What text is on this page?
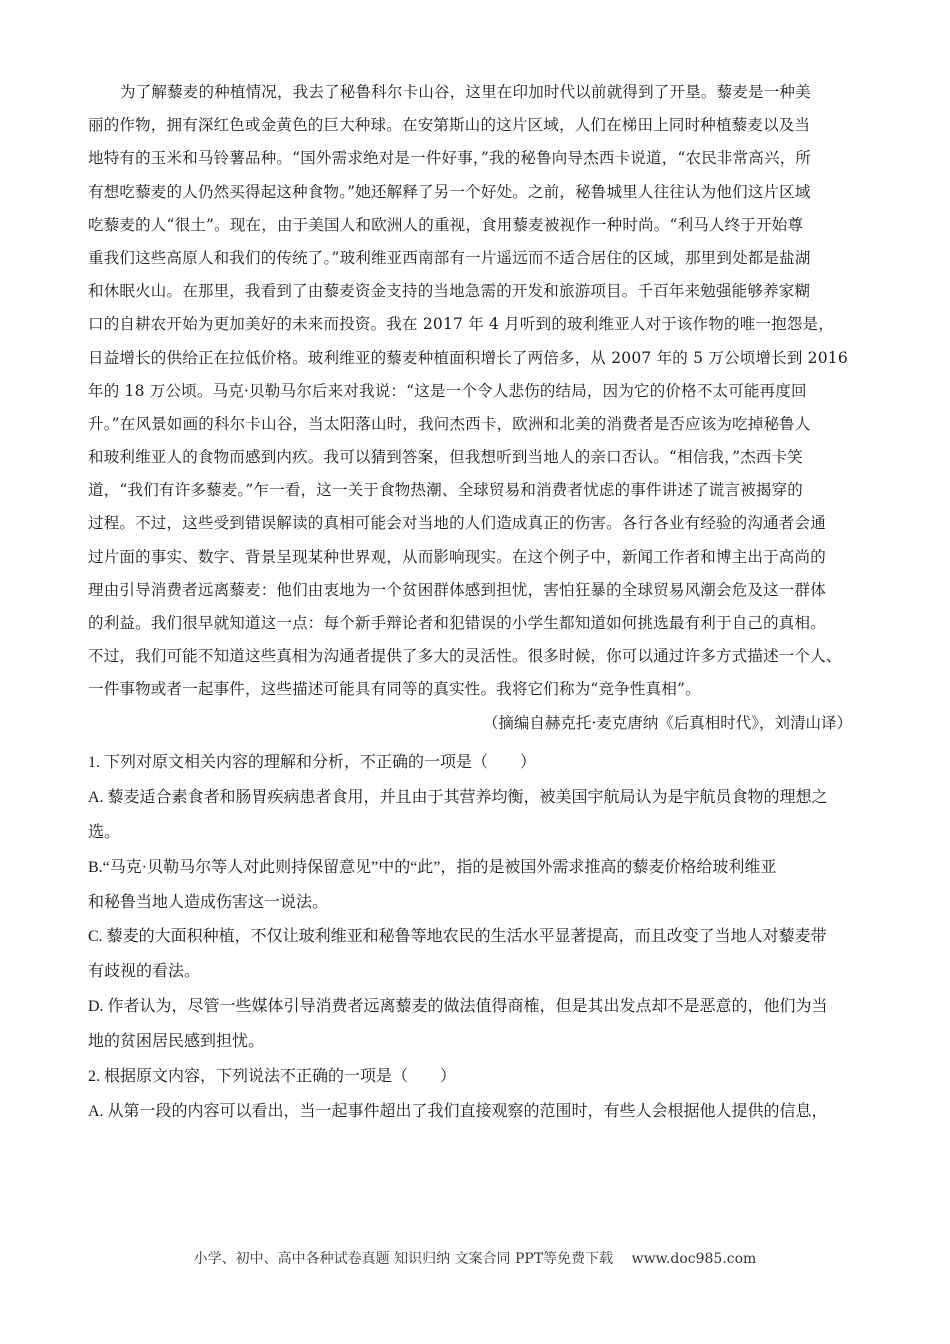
为了解藜麦的种植情况，我去了秘鲁科尔卡山谷，这里在印加时代以前就得到了开垦。藜麦是一种美
丽的作物，拥有深红色或金黄色的巨大种球。在安第斯山的这片区域，人们在梯田上同时种植藜麦以及当
地特有的玉米和马铃薯品种。“国外需求绝对是一件好事，”我的秘鲁向导杰西卡说道，“农民非常高兴，所
有想吃藜麦的人仍然买得起这种食物。”她还解释了另一个好处。之前，秘鲁城里人往往认为他们这片区域
吃藜麦的人“很土”。现在，由于美国人和欧洲人的重视，食用藜麦被视作一种时尚。“利马人终于开始尊
重我们这些高原人和我们的传统了。”玻利维亚西南部有一片遥远而不适合居住的区域，那里到处都是盐湖
和休眠火山。在那里，我看到了由藜麦资金支持的当地急需的开发和旅游项目。千百年来勉强能够养家糊
口的自耕农开始为更加美好的未来而投资。我在 2017 年 4 月听到的玻利维亚人对于该作物的唯一抱怨是，
日益增长的供给正在拉低价格。玻利维亚的藜麦种植面积增长了两倍多，从 2007 年的 5 万公顷增长到 2016
年的 18 万公顷。马克·贝勒马尔后来对我说：“这是一个令人悲伤的结局，因为它的价格不太可能再度回
升。”在风景如画的科尔卡山谷，当太阳落山时，我问杰西卡，欧洲和北美的消费者是否应该为吃掉秘鲁人
和玻利维亚人的食物而感到内疚。我可以猜到答案，但我想听到当地人的亲口否认。“相信我，”杰西卡笑
道，“我们有许多藜麦。”乍一看，这一关于食物热潮、全球贸易和消费者忧虑的事件讲述了谎言被揭穿的
过程。不过，这些受到错误解读的真相可能会对当地的人们造成真正的伤害。各行各业有经验的沟通者会通
过片面的事实、数字、背景呈现某种世界观，从而影响现实。在这个例子中，新闻工作者和博主出于高尚的
理由引导消费者远离藜麦：他们由衷地为一个贫困群体感到担忧，害怕狂暴的全球贸易风潮会危及这一群体
的利益。我们很早就知道这一点：每个新手辩论者和犯错误的小学生都知道如何挑选最有利于自己的真相。
不过，我们可能不知道这些真相为沟通者提供了多大的灵活性。很多时候，你可以通过许多方式描述一个人、
一件事物或者一起事件，这些描述可能具有同等的真实性。我将它们称为“竞争性真相”。
（摘编自赫克托·麦克唐纳《后真相时代》，刘清山译）
1. 下列对原文相关内容的理解和分析，不正确的一项是（　　）
A. 藜麦适合素食者和肠胃疾病患者食用，并且由于其营养均衡，被美国宇航局认为是宇航员食物的理想之
选。
B.“马克·贝勒马尔等人对此则持保留意见”中的“此”，指的是被国外需求推高的藜麦价格给玻利维亚
和秘鲁当地人造成伤害这一说法。
C. 藜麦的大面积种植，不仅让玻利维亚和秘鲁等地农民的生活水平显著提高，而且改变了当地人对藜麦带
有歧视的看法。
D. 作者认为，尽管一些媒体引导消费者远离藜麦的做法值得商榷，但是其出发点却不是恶意的，他们为当
地的贫困居民感到担忧。
2. 根据原文内容，下列说法不正确的一项是（　　）
A. 从第一段的内容可以看出，当一起事件超出了我们直接观察的范围时，有些人会根据他人提供的信息，
小学、初中、高中各种试卷真题 知识归纳 文案合同 PPT等免费下载　 www.doc985.com
